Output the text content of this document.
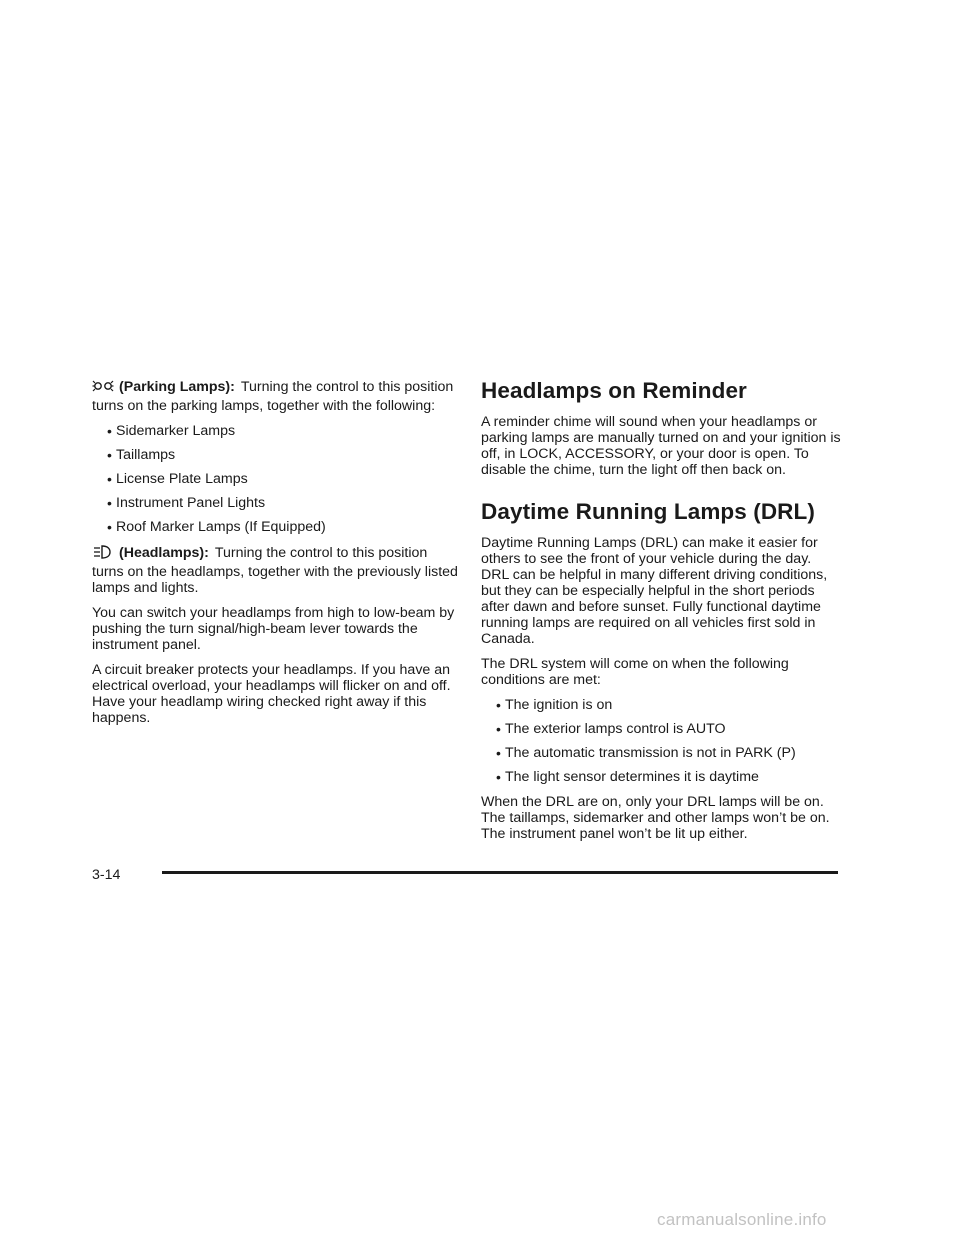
(Parking Lamps): Turning the control to this position turns on the parking lamps, together with the following:

• Sidemarker Lamps
• Taillamps
• License Plate Lamps
• Instrument Panel Lights
• Roof Marker Lamps (If Equipped)

(Headlamps): Turning the control to this position turns on the headlamps, together with the previously listed lamps and lights.

You can switch your headlamps from high to low-beam by pushing the turn signal/high-beam lever towards the instrument panel.

A circuit breaker protects your headlamps. If you have an electrical overload, your headlamps will flicker on and off. Have your headlamp wiring checked right away if this happens.

Headlamps on Reminder

A reminder chime will sound when your headlamps or parking lamps are manually turned on and your ignition is off, in LOCK, ACCESSORY, or your door is open. To disable the chime, turn the light off then back on.

Daytime Running Lamps (DRL)

Daytime Running Lamps (DRL) can make it easier for others to see the front of your vehicle during the day. DRL can be helpful in many different driving conditions, but they can be especially helpful in the short periods after dawn and before sunset. Fully functional daytime running lamps are required on all vehicles first sold in Canada.

The DRL system will come on when the following conditions are met:

• The ignition is on
• The exterior lamps control is AUTO
• The automatic transmission is not in PARK (P)
• The light sensor determines it is daytime

When the DRL are on, only your DRL lamps will be on. The taillamps, sidemarker and other lamps won’t be on. The instrument panel won’t be lit up either.

3-14
carmanualsonline.info
